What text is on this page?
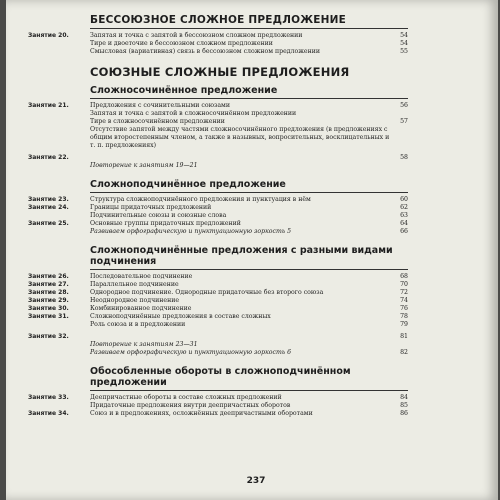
БЕССОЮЗНОЕ СЛОЖНОЕ ПРЕДЛОЖЕНИЕ
Занятие 20.	Запятая и точка с запятой в бессоюзном сложном предложении	54
Тире и двоеточие в бессоюзном сложном предложении	54
Смысловая (вариативная) связь в бессоюзном сложном предложении	55
СОЮЗНЫЕ СЛОЖНЫЕ ПРЕДЛОЖЕНИЯ
Сложносочинённое предложение
Занятие 21.	Предложения с сочинительными союзами	56
Запятая и точка с запятой в сложносочинённом предложении
Тире в сложносочинённом предложении	57
Отсутствие запятой между частями сложносочинённого предложения (в предложениях с общим второстепенным членом, а также в назывных, вопросительных, восклицательных и т. п. предложениях)
Занятие 22.	58
Повторение к занятиям 19—21
Сложноподчинённое предложение
Занятие 23.	Структура сложноподчинённого предложения и пунктуация в нём	60
Занятие 24.	Границы придаточных предложений	62
Подчинительные союзы и союзные слова	63
Занятие 25.	Основные группы придаточных предложений	64
Развиваем орфографическую и пунктуационную зоркость 5	66
Сложноподчинённые предложения с разными видами подчинения
Занятие 26.	Последовательное подчинение	68
Занятие 27.	Параллельное подчинение	70
Занятие 28.	Однородное подчинение. Однородные придаточные без второго союза	72
Занятие 29.	Неоднородное подчинение	74
Занятие 30.	Комбинированное подчинение	76
Занятие 31.	Сложноподчинённые предложения в составе сложных	78
Роль союза и в предложении	79
Занятие 32.	81
Повторение к занятиям 23—31
Развиваем орфографическую и пунктуационную зоркость 6	82
Обособленные обороты в сложноподчинённом предложении
Занятие 33.	Деепричастные обороты в составе сложных предложений	84
Придаточные предложения внутри деепричастных оборотов	85
Занятие 34.	Союз и в предложениях, осложнённых деепричастными оборотами	86
237
